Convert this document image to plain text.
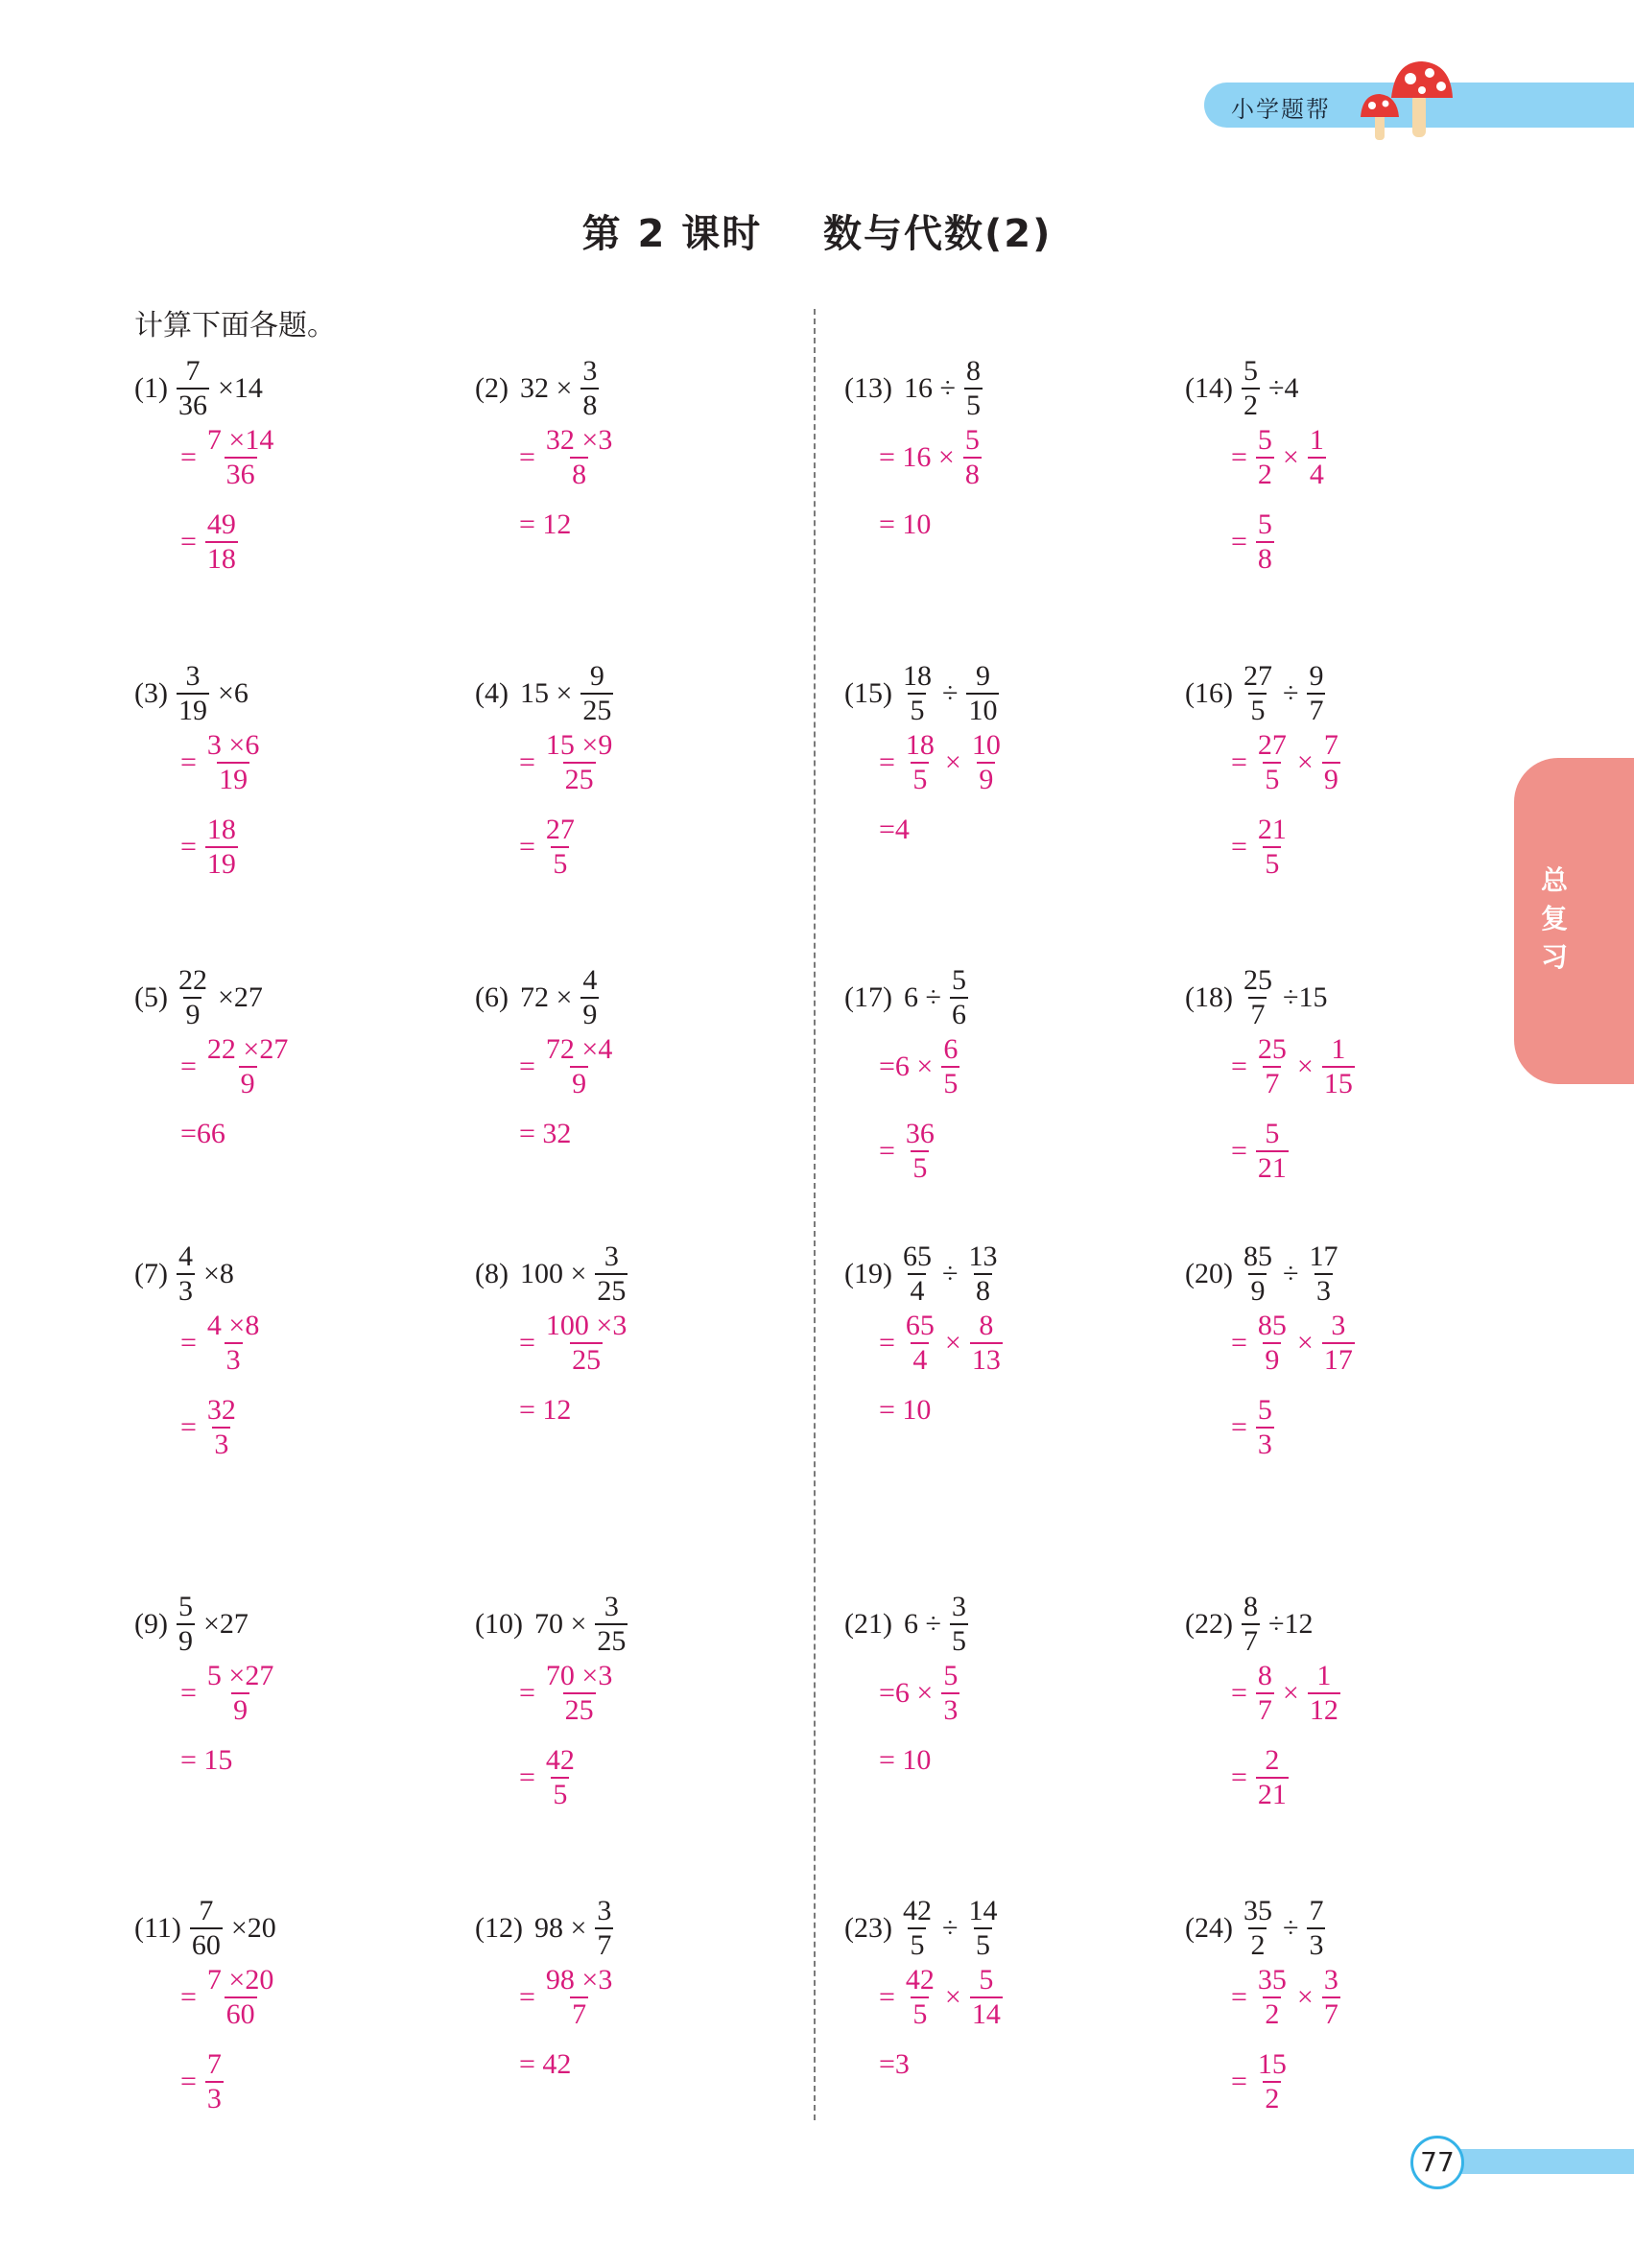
小学题帮
第 2 课时    数与代数(2)
计算下面各题。
总
复
习
$(1) \frac{7}{36} \times 14$
= $\frac{7 \times 14}{36}$
= $\frac{49}{18}$
(2) $32 \times \frac{3}{8}$
= $\frac{32 \times 3}{8}$
= 12
$(3) \frac{3}{19} \times 6$
= $\frac{3 \times 6}{19}$
= $\frac{18}{19}$
(4) $15 \times \frac{9}{25}$
= $\frac{15 \times 9}{25}$
= $\frac{27}{5}$
$(5) \frac{22}{9} \times 27$
= $\frac{22 \times 27}{9}$
=66
(6) $72 \times \frac{4}{9}$
= $\frac{72 \times 4}{9}$
= 32
$(7) \frac{4}{3} \times 8$
= $\frac{4 \times 8}{3}$
= $\frac{32}{3}$
(8) $100 \times \frac{3}{25}$
= $\frac{100 \times 3}{25}$
= 12
$(9) \frac{5}{9} \times 27$
= $\frac{5 \times 27}{9}$
= 15
(10) $70 \times \frac{3}{25}$
= $\frac{70 \times 3}{25}$
= $\frac{42}{5}$
$(11) \frac{7}{60} \times 20$
= $\frac{7 \times 20}{60}$
= $\frac{7}{3}$
(12) $98 \times \frac{3}{7}$
= $\frac{98 \times 3}{7}$
= 42
(13) $16 \div \frac{8}{5}$
= $16 \times \frac{5}{8}$
= 10
$(14) \frac{5}{2} \div 4$
= $\frac{5}{2} \times \frac{1}{4}$
= $\frac{5}{8}$
$(15) \frac{18}{5} \div \frac{9}{10}$
= $\frac{18}{5} \times \frac{10}{9}$
=4
$(16) \frac{27}{5} \div \frac{9}{7}$
= $\frac{27}{5} \times \frac{7}{9}$
= $\frac{21}{5}$
(17) $6 \div \frac{5}{6}$
$=6 \times \frac{6}{5}$
= $\frac{36}{5}$
$(18) \frac{25}{7} \div 15$
= $\frac{25}{7} \times \frac{1}{15}$
= $\frac{5}{21}$
$(19) \frac{65}{4} \div \frac{13}{8}$
= $\frac{65}{4} \times \frac{8}{13}$
= 10
$(20) \frac{85}{9} \div \frac{17}{3}$
= $\frac{85}{9} \times \frac{3}{17}$
= $\frac{5}{3}$
(21) $6 \div \frac{3}{5}$
$=6 \times \frac{5}{3}$
= 10
$(22) \frac{8}{7} \div 12$
= $\frac{8}{7} \times \frac{1}{12}$
= $\frac{2}{21}$
$(23) \frac{42}{5} \div \frac{14}{5}$
= $\frac{42}{5} \times \frac{5}{14}$
=3
$(24) \frac{35}{2} \div \frac{7}{3}$
= $\frac{35}{2} \times \frac{3}{7}$
= $\frac{15}{2}$
77
